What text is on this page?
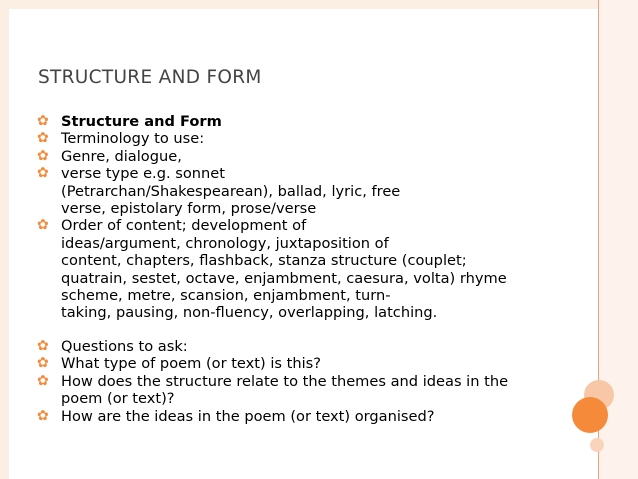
STRUCTURE AND FORM
✿ Structure and Form
✿ Terminology to use:
✿ Genre, dialogue,
✿ verse type e.g. sonnet
(Petrarchan/Shakespearean), ballad, lyric, free
verse, epistolary form, prose/verse
✿ Order of content; development of
ideas/argument, chronology, juxtaposition of
content, chapters, flashback, stanza structure (couplet;
quatrain, sestet, octave, enjambment, caesura, volta) rhyme
scheme, metre, scansion, enjambment, turn-
taking, pausing, non-fluency, overlapping, latching.
✿ Questions to ask:
✿ What type of poem (or text) is this?
✿ How does the structure relate to the themes and ideas in the
poem (or text)?
✿ How are the ideas in the poem (or text) organised?
